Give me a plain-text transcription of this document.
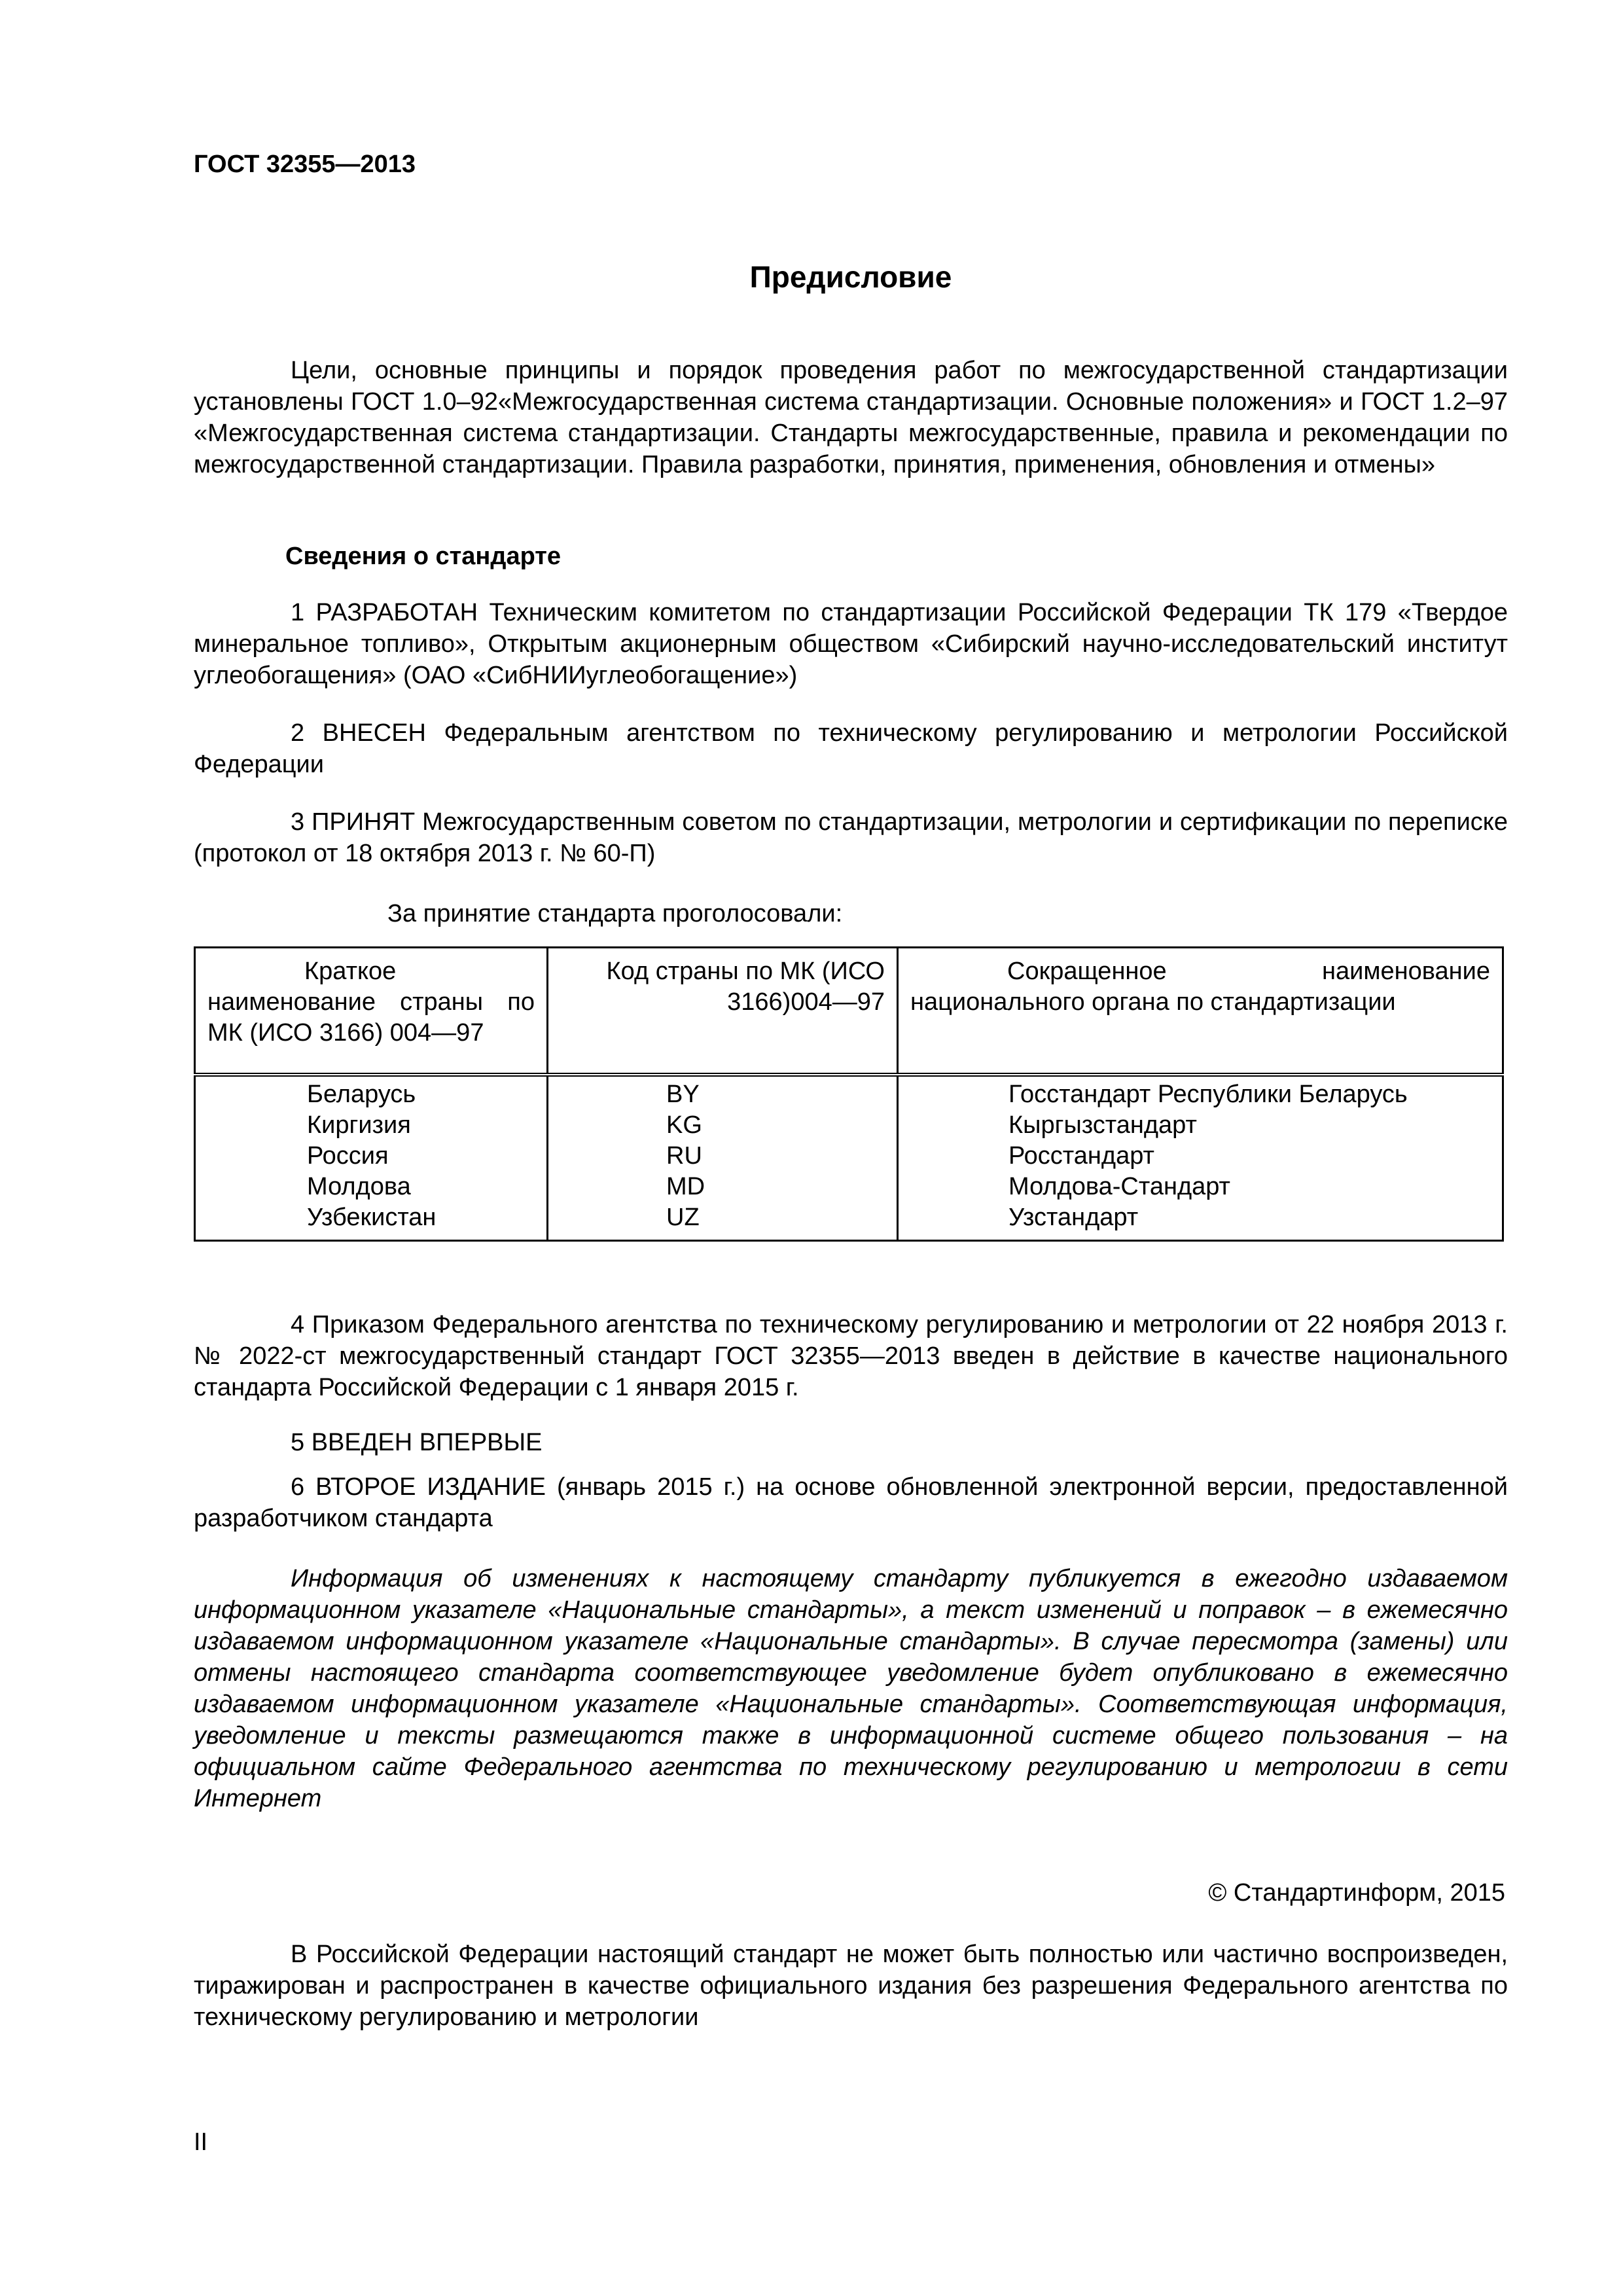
ГОСТ 32355—2013
Предисловие

Цели, основные принципы и порядок проведения работ по межгосударственной стандартизации установлены ГОСТ 1.0–92«Межгосударственная система стандартизации. Основные положения» и ГОСТ 1.2–97 «Межгосударственная система стандартизации. Стандарты межгосударственные, правила и рекомендации по межгосударственной стандартизации. Правила разработки, принятия, применения, обновления и отмены»

Сведения о стандарте

1 РАЗРАБОТАН Техническим комитетом по стандартизации Российской Федерации ТК 179 «Твердое минеральное топливо», Открытым акционерным обществом «Сибирский научно-исследовательский институт углеобогащения» (ОАО «СибНИИуглеобогащение»)

2 ВНЕСЕН Федеральным агентством по техническому регулированию и метрологии Российской Федерации

3 ПРИНЯТ Межгосударственным советом по стандартизации, метрологии и сертификации по переписке (протокол от 18 октября 2013 г. № 60-П)

За принятие стандарта проголосовали:
Краткое наименование страны по МК (ИСО 3166) 004—97	Код страны по МК (ИСО 3166)004—97	Сокращенное наименование национального органа по стандартизации
Беларусь	BY	Госстандарт Республики Беларусь
Киргизия	KG	Кыргызстандарт
Россия	RU	Росстандарт
Молдова	MD	Молдова-Стандарт
Узбекистан	UZ	Узстандарт

4 Приказом Федерального агентства по техническому регулированию и метрологии от 22 ноября 2013 г. № 2022-ст межгосударственный стандарт ГОСТ 32355—2013 введен в действие в качестве национального стандарта Российской Федерации с 1 января 2015 г.

5 ВВЕДЕН ВПЕРВЫЕ

6 ВТОРОЕ ИЗДАНИЕ (январь 2015 г.) на основе обновленной электронной версии, предоставленной разработчиком стандарта

Информация об изменениях к настоящему стандарту публикуется в ежегодно издаваемом информационном указателе «Национальные стандарты», а текст изменений и поправок – в ежемесячно издаваемом информационном указателе «Национальные стандарты». В случае пересмотра (замены) или отмены настоящего стандарта соответствующее уведомление будет опубликовано в ежемесячно издаваемом информационном указателе «Национальные стандарты». Соответствующая информация, уведомление и тексты размещаются также в информационной системе общего пользования – на официальном сайте Федерального агентства по техническому регулированию и метрологии в сети Интернет

© Стандартинформ, 2015

В Российской Федерации настоящий стандарт не может быть полностью или частично воспроизведен, тиражирован и распространен в качестве официального издания без разрешения Федерального агентства по техническому регулированию и метрологии

II
